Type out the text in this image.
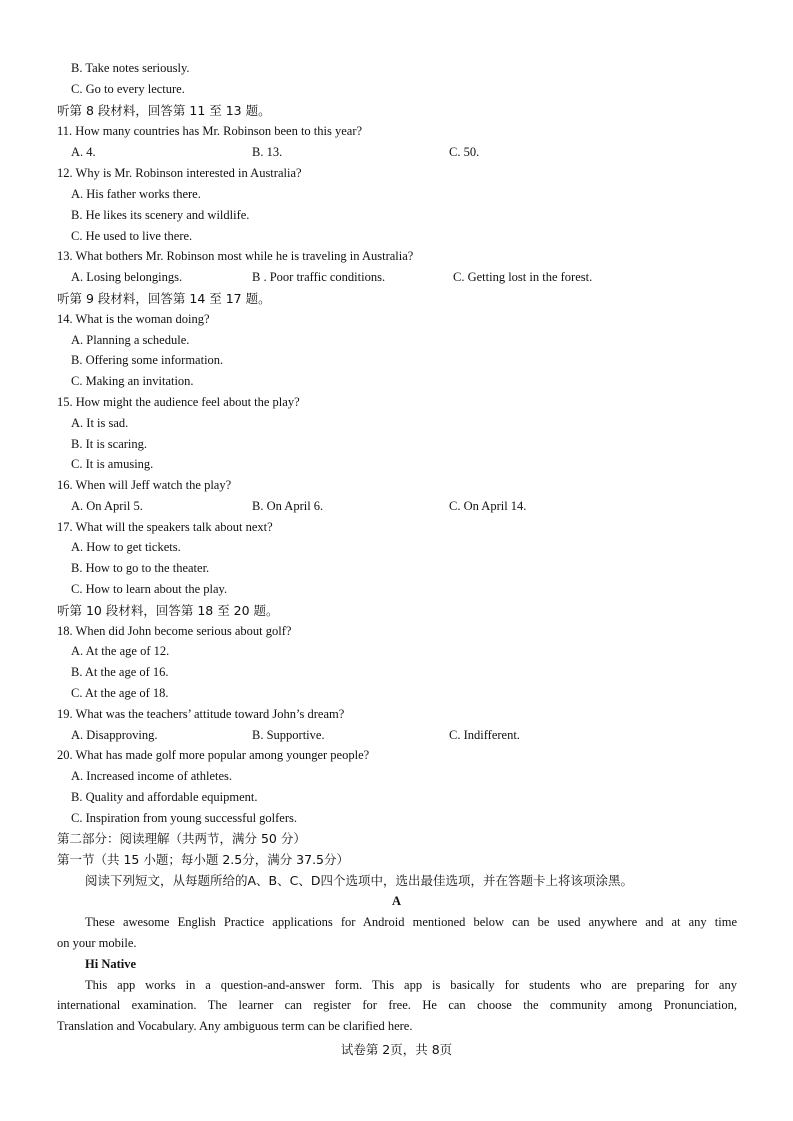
B. Take notes seriously.
C. Go to every lecture.
听第 8 段材料，回答第 11 至 13 题。
11. How many countries has Mr. Robinson been to this year?
A. 4.	B. 13.	C. 50.
12. Why is Mr. Robinson interested in Australia?
A. His father works there.
B. He likes its scenery and wildlife.
C. He used to live there.
13. What bothers Mr. Robinson most while he is traveling in Australia?
A. Losing belongings.	B . Poor traffic conditions.	C. Getting lost in the forest.
听第 9 段材料，回答第 14 至 17 题。
14. What is the woman doing?
A. Planning a schedule.
B. Offering some information.
C. Making an invitation.
15. How might the audience feel about the play?
A. It is sad.
B. It is scaring.
C. It is amusing.
16. When will Jeff watch the play?
A. On April 5.	B. On April 6.	C. On April 14.
17. What will the speakers talk about next?
A. How to get tickets.
B. How to go to the theater.
C. How to learn about the play.
听第 10 段材料，回答第 18 至 20 题。
18. When did John become serious about golf?
A. At the age of 12.
B. At the age of 16.
C. At the age of 18.
19. What was the teachers’ attitude toward John’s dream?
A. Disapproving.	B. Supportive.	C. Indifferent.
20. What has made golf more popular among younger people?
A. Increased income of athletes.
B. Quality and affordable equipment.
C. Inspiration from young successful golfers.
第二部分：阅读理解（共两节，满分 50 分）
第一节（共 15 小题；每小题 2.5分，满分 37.5分）
阅读下列短文，从每题所给的A、B、C、D四个选项中，选出最佳选项，并在答题卡上将该项涂黑。
A
These awesome English Practice applications for Android mentioned below can be used anywhere and at any time
on your mobile.
Hi Native
This app works in a question-and-answer form. This app is basically for students who are preparing for any
international examination. The learner can register for free. He can choose the community among Pronunciation,
Translation and Vocabulary. Any ambiguous term can be clarified here.
试卷第 2页，共 8页
